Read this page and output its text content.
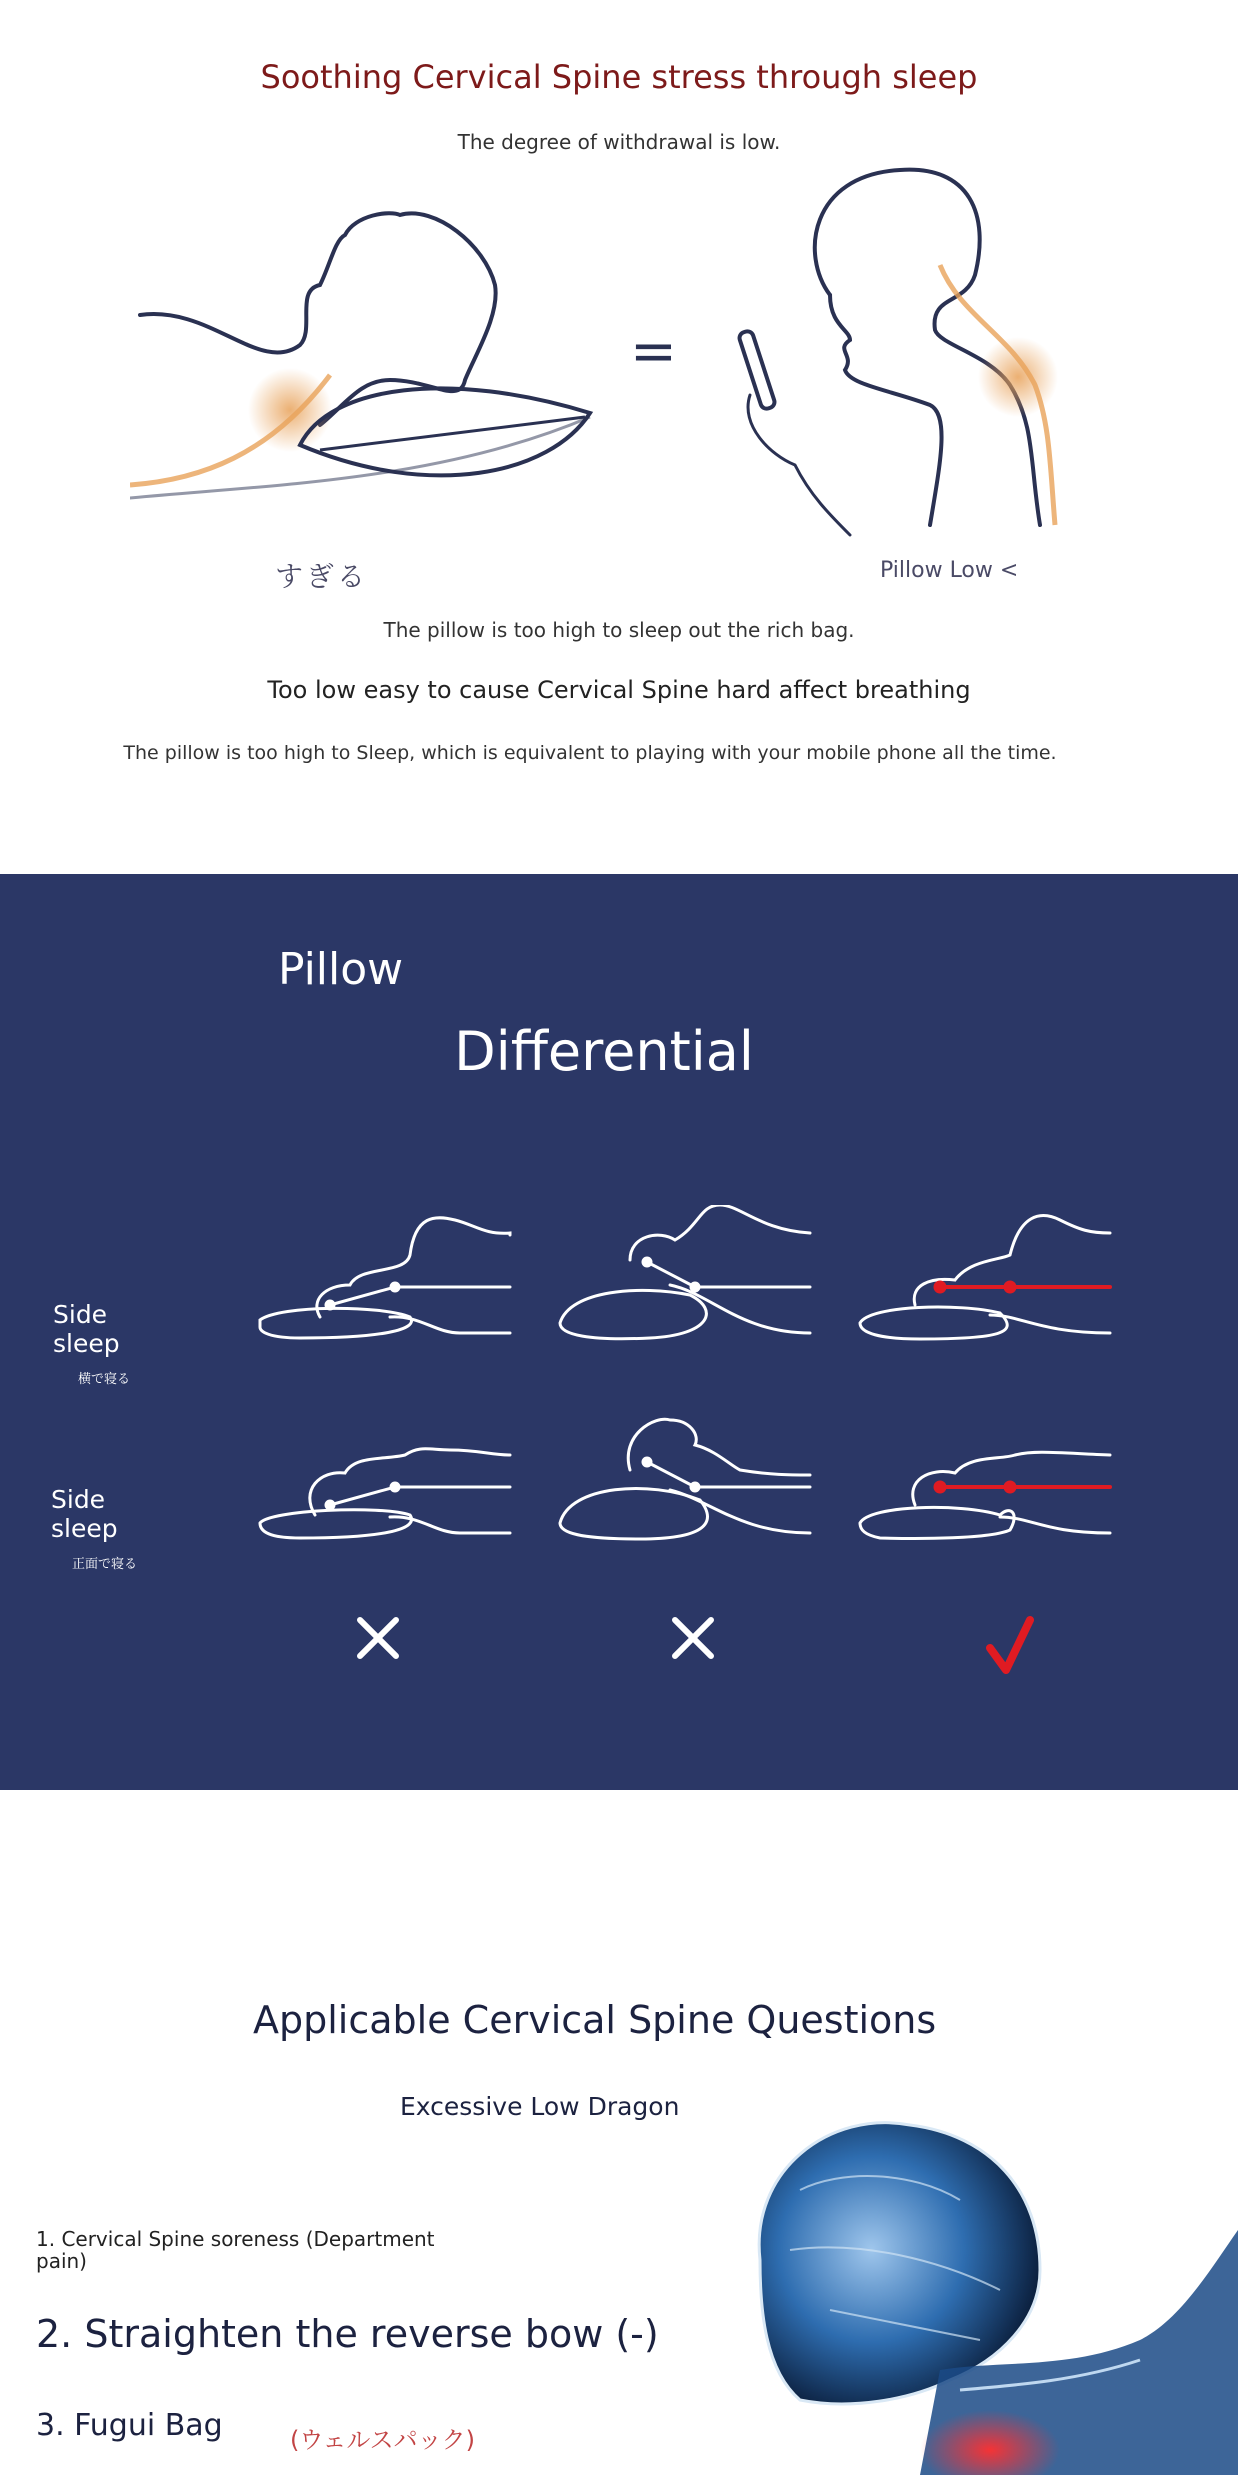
Soothing Cervical Spine stress through sleep
The degree of withdrawal is low.
=
すぎる	Pillow Low <
The pillow is too high to sleep out the rich bag.
Too low easy to cause Cervical Spine hard affect breathing
The pillow is too high to Sleep, which is equivalent to playing with your mobile phone all the time.
Pillow
Differential
Side
sleep
横で寝る
Side
sleep
正面で寝る
Applicable Cervical Spine Questions
Excessive Low Dragon
1. Cervical Spine soreness (Department pain)
2. Straighten the reverse bow (-)
3. Fugui Bag	(ウェルスパック)
